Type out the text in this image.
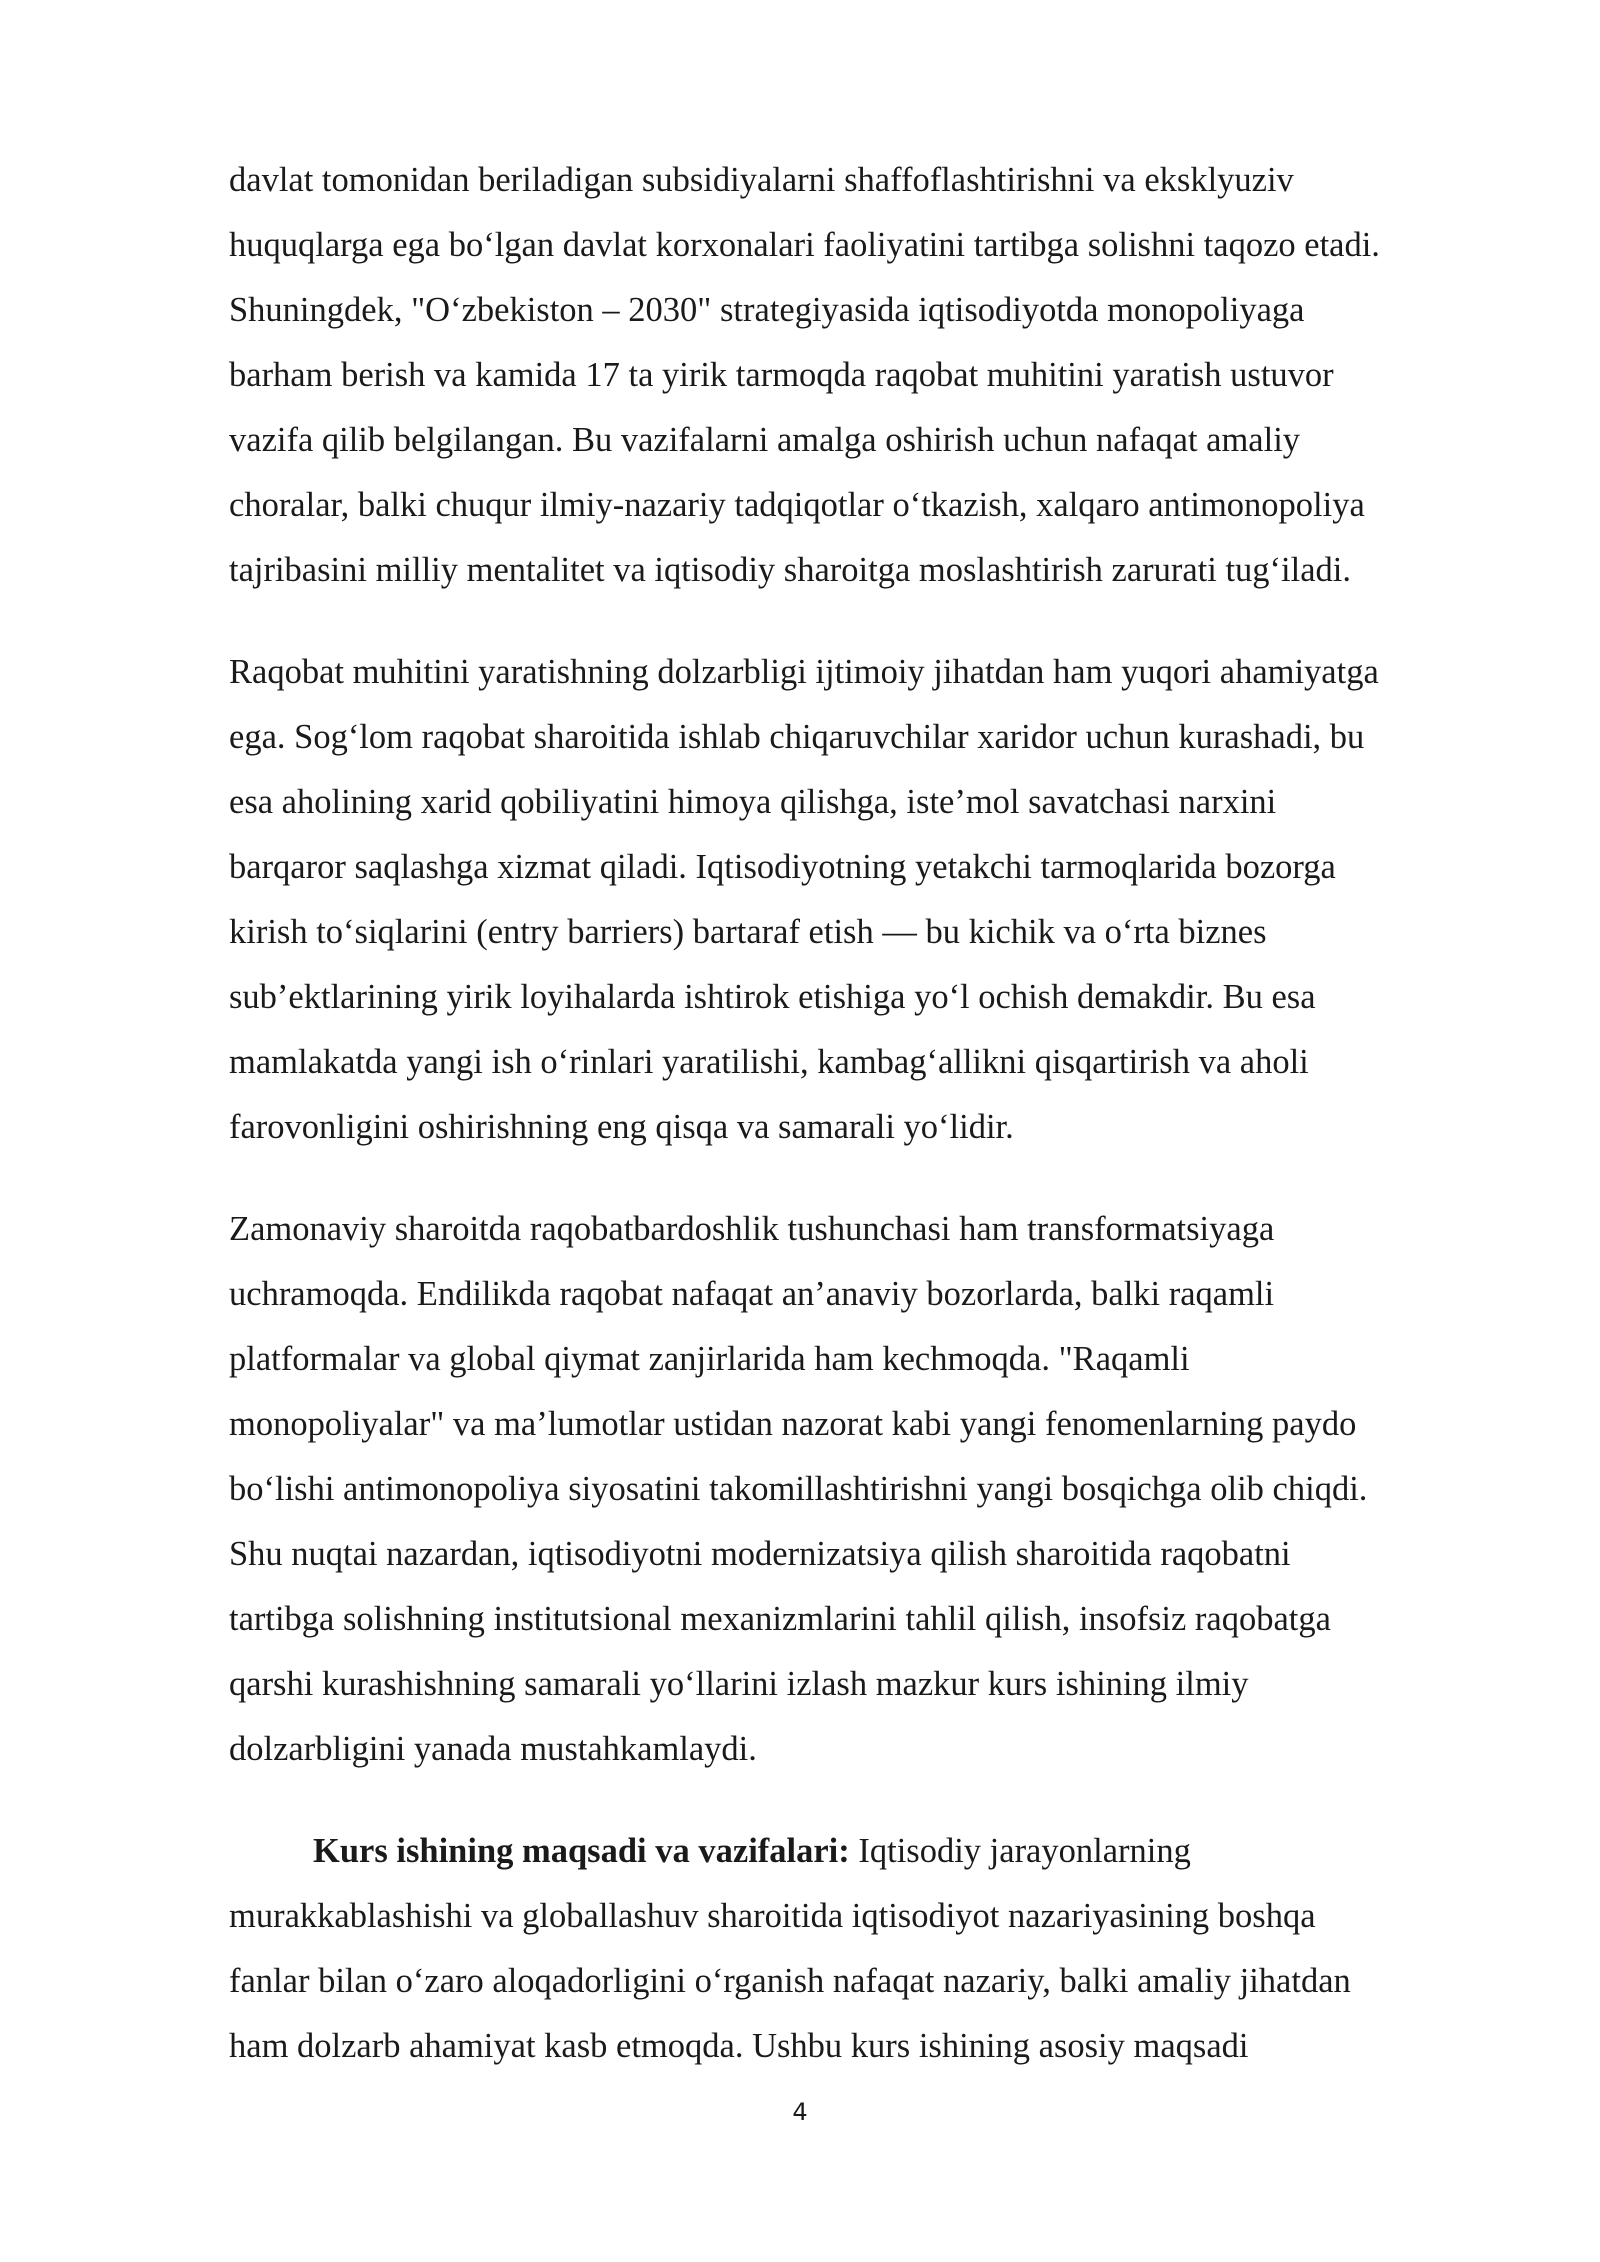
davlat tomonidan beriladigan subsidiyalarni shaffoflashtirishni va eksklyuziv
huquqlarga ega bo‘lgan davlat korxonalari faoliyatini tartibga solishni taqozo etadi.
Shuningdek, "O‘zbekiston – 2030" strategiyasida iqtisodiyotda monopoliyaga
barham berish va kamida 17 ta yirik tarmoqda raqobat muhitini yaratish ustuvor
vazifa qilib belgilangan. Bu vazifalarni amalga oshirish uchun nafaqat amaliy
choralar, balki chuqur ilmiy-nazariy tadqiqotlar o‘tkazish, xalqaro antimonopoliya
tajribasini milliy mentalitet va iqtisodiy sharoitga moslashtirish zarurati tug‘iladi.

Raqobat muhitini yaratishning dolzarbligi ijtimoiy jihatdan ham yuqori ahamiyatga
ega. Sog‘lom raqobat sharoitida ishlab chiqaruvchilar xaridor uchun kurashadi, bu
esa aholining xarid qobiliyatini himoya qilishga, iste’mol savatchasi narxini
barqaror saqlashga xizmat qiladi. Iqtisodiyotning yetakchi tarmoqlarida bozorga
kirish to‘siqlarini (entry barriers) bartaraf etish — bu kichik va o‘rta biznes
sub’ektlarining yirik loyihalarda ishtirok etishiga yo‘l ochish demakdir. Bu esa
mamlakatda yangi ish o‘rinlari yaratilishi, kambag‘allikni qisqartirish va aholi
farovonligini oshirishning eng qisqa va samarali yo‘lidir.

Zamonaviy sharoitda raqobatbardoshlik tushunchasi ham transformatsiyaga
uchramoqda. Endilikda raqobat nafaqat an’anaviy bozorlarda, balki raqamli
platformalar va global qiymat zanjirlarida ham kechmoqda. "Raqamli
monopoliyalar" va ma’lumotlar ustidan nazorat kabi yangi fenomenlarning paydo
bo‘lishi antimonopoliya siyosatini takomillashtirishni yangi bosqichga olib chiqdi.
Shu nuqtai nazardan, iqtisodiyotni modernizatsiya qilish sharoitida raqobatni
tartibga solishning institutsional mexanizmlarini tahlil qilish, insofsiz raqobatga
qarshi kurashishning samarali yo‘llarini izlash mazkur kurs ishining ilmiy
dolzarbligini yanada mustahkamlaydi.

Kurs ishining maqsadi va vazifalari: Iqtisodiy jarayonlarning
murakkablashishi va globallashuv sharoitida iqtisodiyot nazariyasining boshqa
fanlar bilan o‘zaro aloqadorligini o‘rganish nafaqat nazariy, balki amaliy jihatdan
ham dolzarb ahamiyat kasb etmoqda. Ushbu kurs ishining asosiy maqsadi

4
